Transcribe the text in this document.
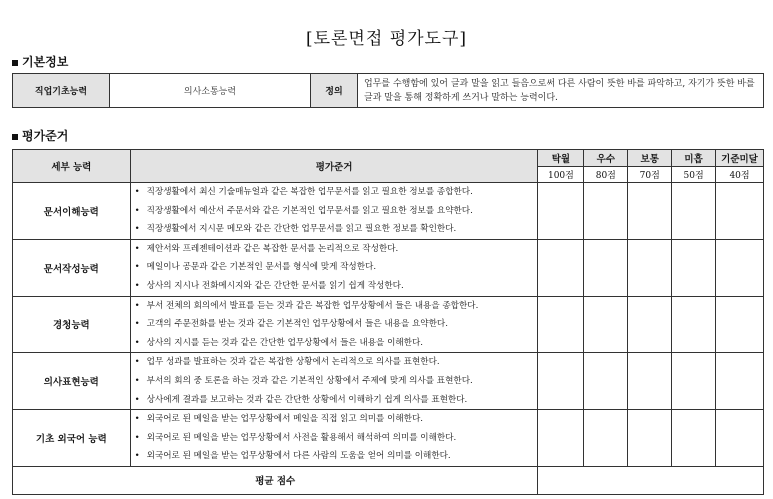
[토론면접 평가도구]
기본정보
직업기초능력	의사소통능력	정의	업무를 수행함에 있어 글과 말을 읽고 들음으로써 다른 사람이 뜻한 바를 파악하고, 자기가 뜻한 바를 글과 말을 통해 정확하게 쓰거나 말하는 능력이다.
평가준거
세부 능력	평가준거	탁월	우수	보통	미흡	기준미달
		100점	80점	70점	50점	40점
문서이해능력	• 직장생활에서 최신 기술매뉴얼과 같은 복잡한 업무문서를 읽고 필요한 정보를 종합한다.
• 직장생활에서 예산서 주문서와 같은 기본적인 업무문서를 읽고 필요한 정보를 요약한다.
• 직장생활에서 지시문 메모와 같은 간단한 업무문서를 읽고 필요한 정보를 확인한다.

문서작성능력	• 제안서와 프레젠테이션과 같은 복잡한 문서를 논리적으로 작성한다.
• 메일이나 공문과 같은 기본적인 문서를 형식에 맞게 작성한다.
• 상사의 지시나 전화메시지와 같은 간단한 문서를 읽기 쉽게 작성한다.

경청능력	• 부서 전체의 회의에서 발표를 듣는 것과 같은 복잡한 업무상황에서 들은 내용을 종합한다.
• 고객의 주문전화를 받는 것과 같은 기본적인 업무상황에서 들은 내용을 요약한다.
• 상사의 지시를 듣는 것과 같은 간단한 업무상황에서 들은 내용을 이해한다.

의사표현능력	• 업무 성과를 발표하는 것과 같은 복잡한 상황에서 논리적으로 의사를 표현한다.
• 부서의 회의 중 토론을 하는 것과 같은 기본적인 상황에서 주제에 맞게 의사를 표현한다.
• 상사에게 결과를 보고하는 것과 같은 간단한 상황에서 이해하기 쉽게 의사를 표현한다.

기초 외국어 능력	• 외국어로 된 메일을 받는 업무상황에서 메일을 직접 읽고 의미를 이해한다.
• 외국어로 된 메일을 받는 업무상황에서 사전을 활용해서 해석하여 의미를 이해한다.
• 외국어로 된 메일을 받는 업무상황에서 다른 사람의 도움을 얻어 의미를 이해한다.

평균 점수						
